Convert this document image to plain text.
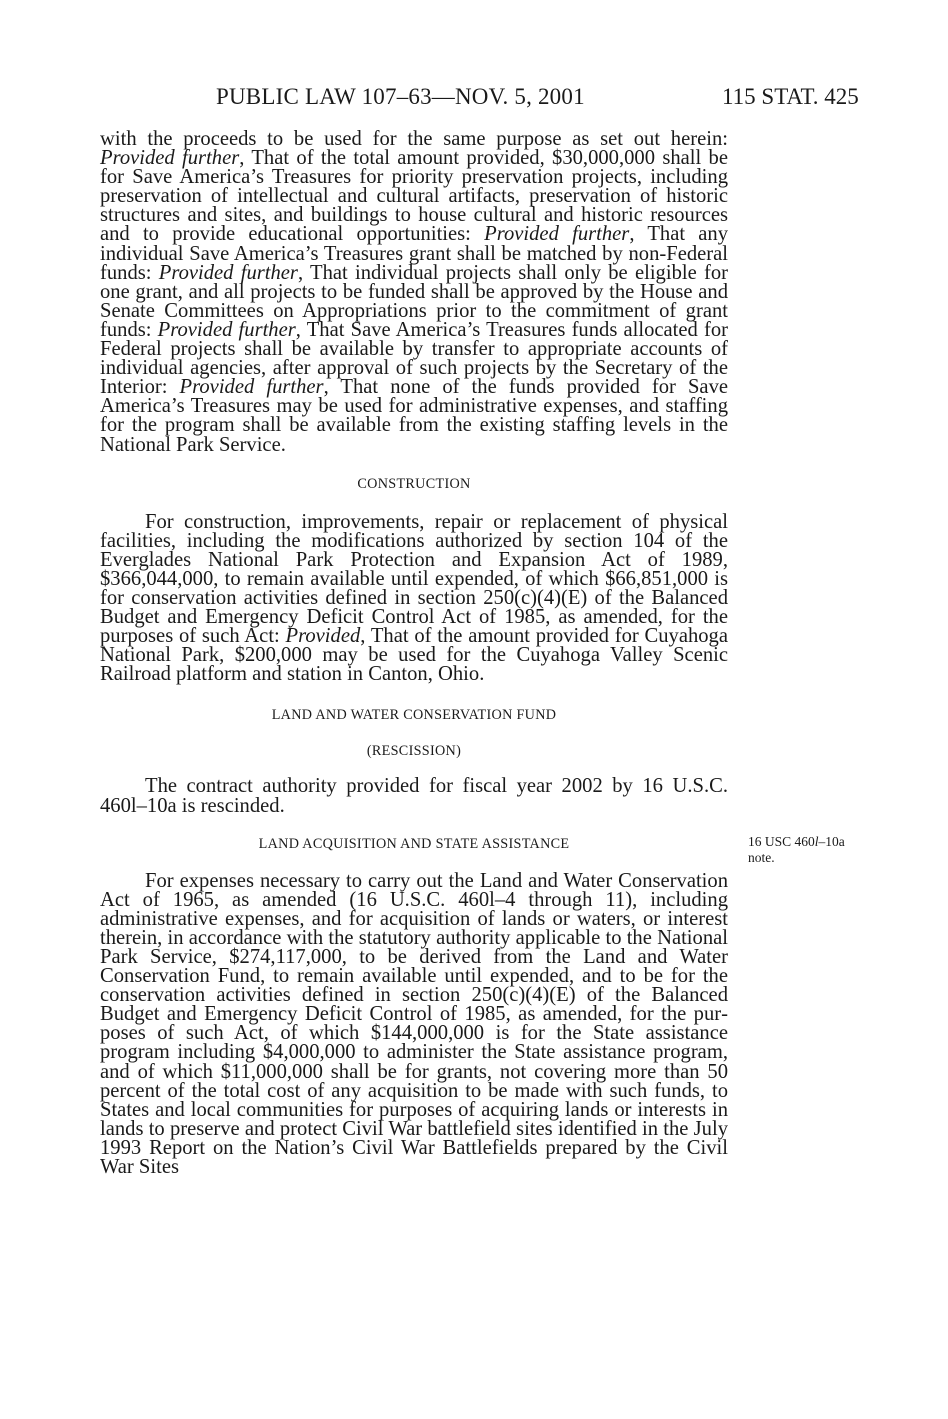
PUBLIC LAW 107–63—NOV. 5, 2001	115 STAT. 425

with the proceeds to be used for the same purpose as set out herein: Provided further, That of the total amount provided, $30,000,000 shall be for Save America’s Treasures for priority preservation projects, including preservation of intellectual and cultural artifacts, preservation of historic structures and sites, and buildings to house cultural and historic resources and to provide educational opportunities: Provided further, That any individual Save America’s Treasures grant shall be matched by non-Federal funds: Provided further, That individual projects shall only be eligible for one grant, and all projects to be funded shall be approved by the House and Senate Committees on Appropriations prior to the commitment of grant funds: Provided further, That Save America’s Treasures funds allocated for Federal projects shall be available by transfer to appropriate accounts of individual agencies, after approval of such projects by the Secretary of the Interior: Provided further, That none of the funds provided for Save America’s Treasures may be used for administrative expenses, and staffing for the program shall be available from the existing staffing levels in the National Park Service.

CONSTRUCTION

For construction, improvements, repair or replacement of physical facilities, including the modifications authorized by section 104 of the Everglades National Park Protection and Expansion Act of 1989, $366,044,000, to remain available until expended, of which $66,851,000 is for conservation activities defined in section 250(c)(4)(E) of the Balanced Budget and Emergency Deficit Control Act of 1985, as amended, for the purposes of such Act: Provided, That of the amount provided for Cuyahoga National Park, $200,000 may be used for the Cuyahoga Valley Scenic Railroad platform and station in Canton, Ohio.

LAND AND WATER CONSERVATION FUND

(RESCISSION)

The contract authority provided for fiscal year 2002 by 16 U.S.C. 460l–10a is rescinded.

LAND ACQUISITION AND STATE ASSISTANCE

For expenses necessary to carry out the Land and Water Conservation Act of 1965, as amended (16 U.S.C. 460l–4 through 11), including administrative expenses, and for acquisition of lands or waters, or interest therein, in accordance with the statutory authority applicable to the National Park Service, $274,117,000, to be derived from the Land and Water Conservation Fund, to remain available until expended, and to be for the conservation activities defined in section 250(c)(4)(E) of the Balanced Budget and Emergency Deficit Control of 1985, as amended, for the purposes of such Act, of which $144,000,000 is for the State assistance program including $4,000,000 to administer the State assistance program, and of which $11,000,000 shall be for grants, not covering more than 50 percent of the total cost of any acquisition to be made with such funds, to States and local communities for purposes of acquiring lands or interests in lands to preserve and protect Civil War battlefield sites identified in the July 1993 Report on the Nation’s Civil War Battlefields prepared by the Civil War Sites

16 USC 460l–10a
note.
